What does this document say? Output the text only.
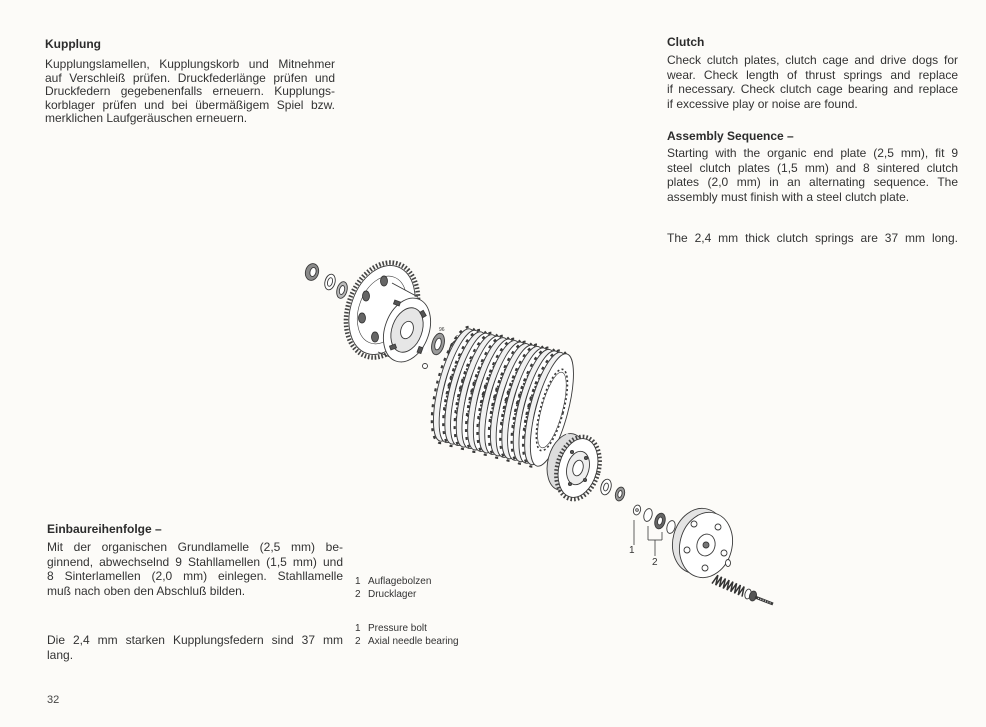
96
Kupplung
Kupplungslamellen, Kupplungskorb und Mitnehmer
auf Verschleiß prüfen. Druckfederlänge prüfen und
Druckfedern gegebenenfalls erneuern. Kupplungs-
korblager prüfen und bei übermäßigem Spiel bzw.
merklichen Laufgeräuschen erneuern.
Clutch
Check clutch plates, clutch cage and drive dogs for
wear. Check length of thrust springs and replace
if necessary. Check clutch cage bearing and replace
if excessive play or noise are found.
Assembly Sequence –
Starting with the organic end plate (2,5 mm), fit 9
steel clutch plates (1,5 mm) and 8 sintered clutch
plates (2,0 mm) in an alternating sequence. The
assembly must finish with a steel clutch plate.
The 2,4 mm thick clutch springs are 37 mm long.
Einbaureihenfolge –
Mit der organischen Grundlamelle (2,5 mm) be-
ginnend, abwechselnd 9 Stahllamellen (1,5 mm) und
8 Sinterlamellen (2,0 mm) einlegen. Stahllamelle
muß nach oben den Abschluß bilden.
Die 2,4 mm starken Kupplungsfedern sind 37 mm
lang.
1 Auflagebolzen
2 Drucklager
1 Pressure bolt
2 Axial needle bearing
1
2
32
